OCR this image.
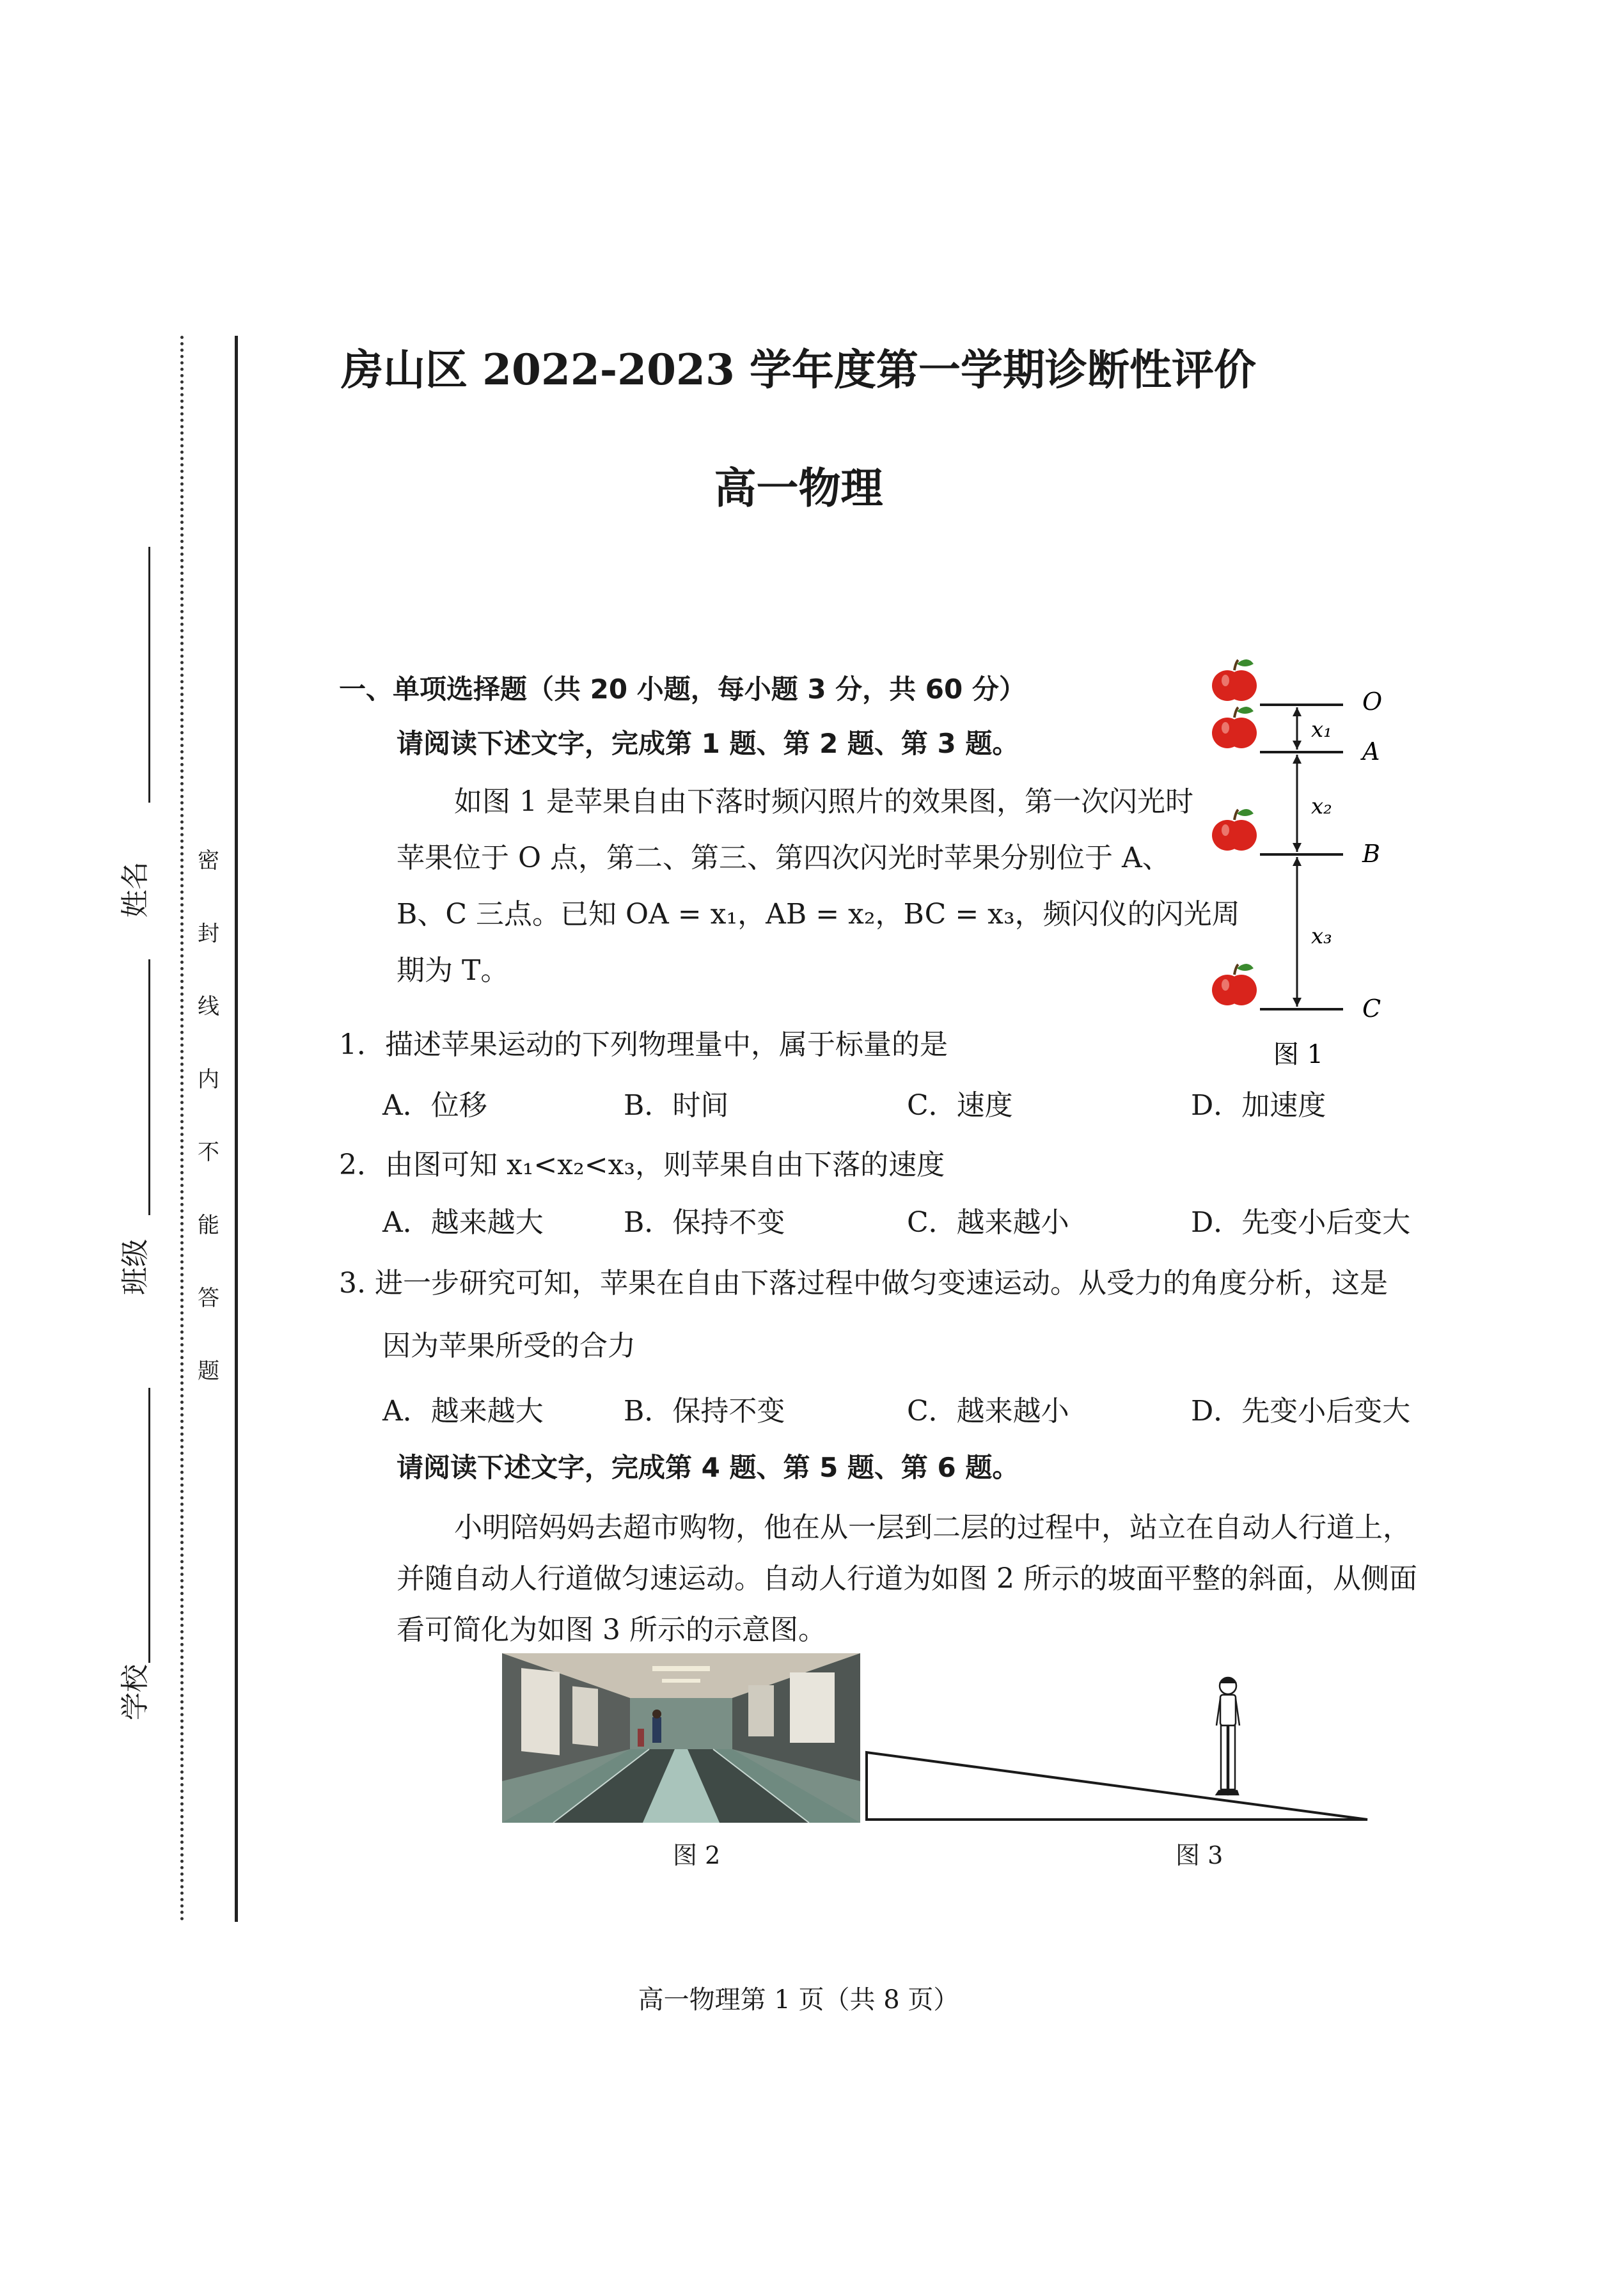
姓名
班级
学校
密
封
线
内
不
能
答
题
房山区 2022-2023 学年度第一学期诊断性评价
高一物理
一、单项选择题（共 20 小题，每小题 3 分，共 60 分）
请阅读下述文字，完成第 1 题、第 2 题、第 3 题。
如图 1 是苹果自由下落时频闪照片的效果图，第一次闪光时
苹果位于 O 点，第二、第三、第四次闪光时苹果分别位于 A、
B、C 三点。已知 OA = x₁，AB = x₂，BC = x₃，频闪仪的闪光周
期为 T。
x₁
x₂
x₃
O
A
B
C
图 1
1．描述苹果运动的下列物理量中，属于标量的是
A．位移	B．时间	C．速度	D．加速度
2．由图可知 x₁<x₂<x₃，则苹果自由下落的速度
A．越来越大	B．保持不变	C．越来越小	D．先变小后变大
3. 进一步研究可知，苹果在自由下落过程中做匀变速运动。从受力的角度分析，这是
因为苹果所受的合力
A．越来越大	B．保持不变	C．越来越小	D．先变小后变大
请阅读下述文字，完成第 4 题、第 5 题、第 6 题。
小明陪妈妈去超市购物，他在从一层到二层的过程中，站立在自动人行道上，
并随自动人行道做匀速运动。自动人行道为如图 2 所示的坡面平整的斜面，从侧面
看可简化为如图 3 所示的示意图。
图 2	图 3
高一物理第 1 页（共 8 页）
